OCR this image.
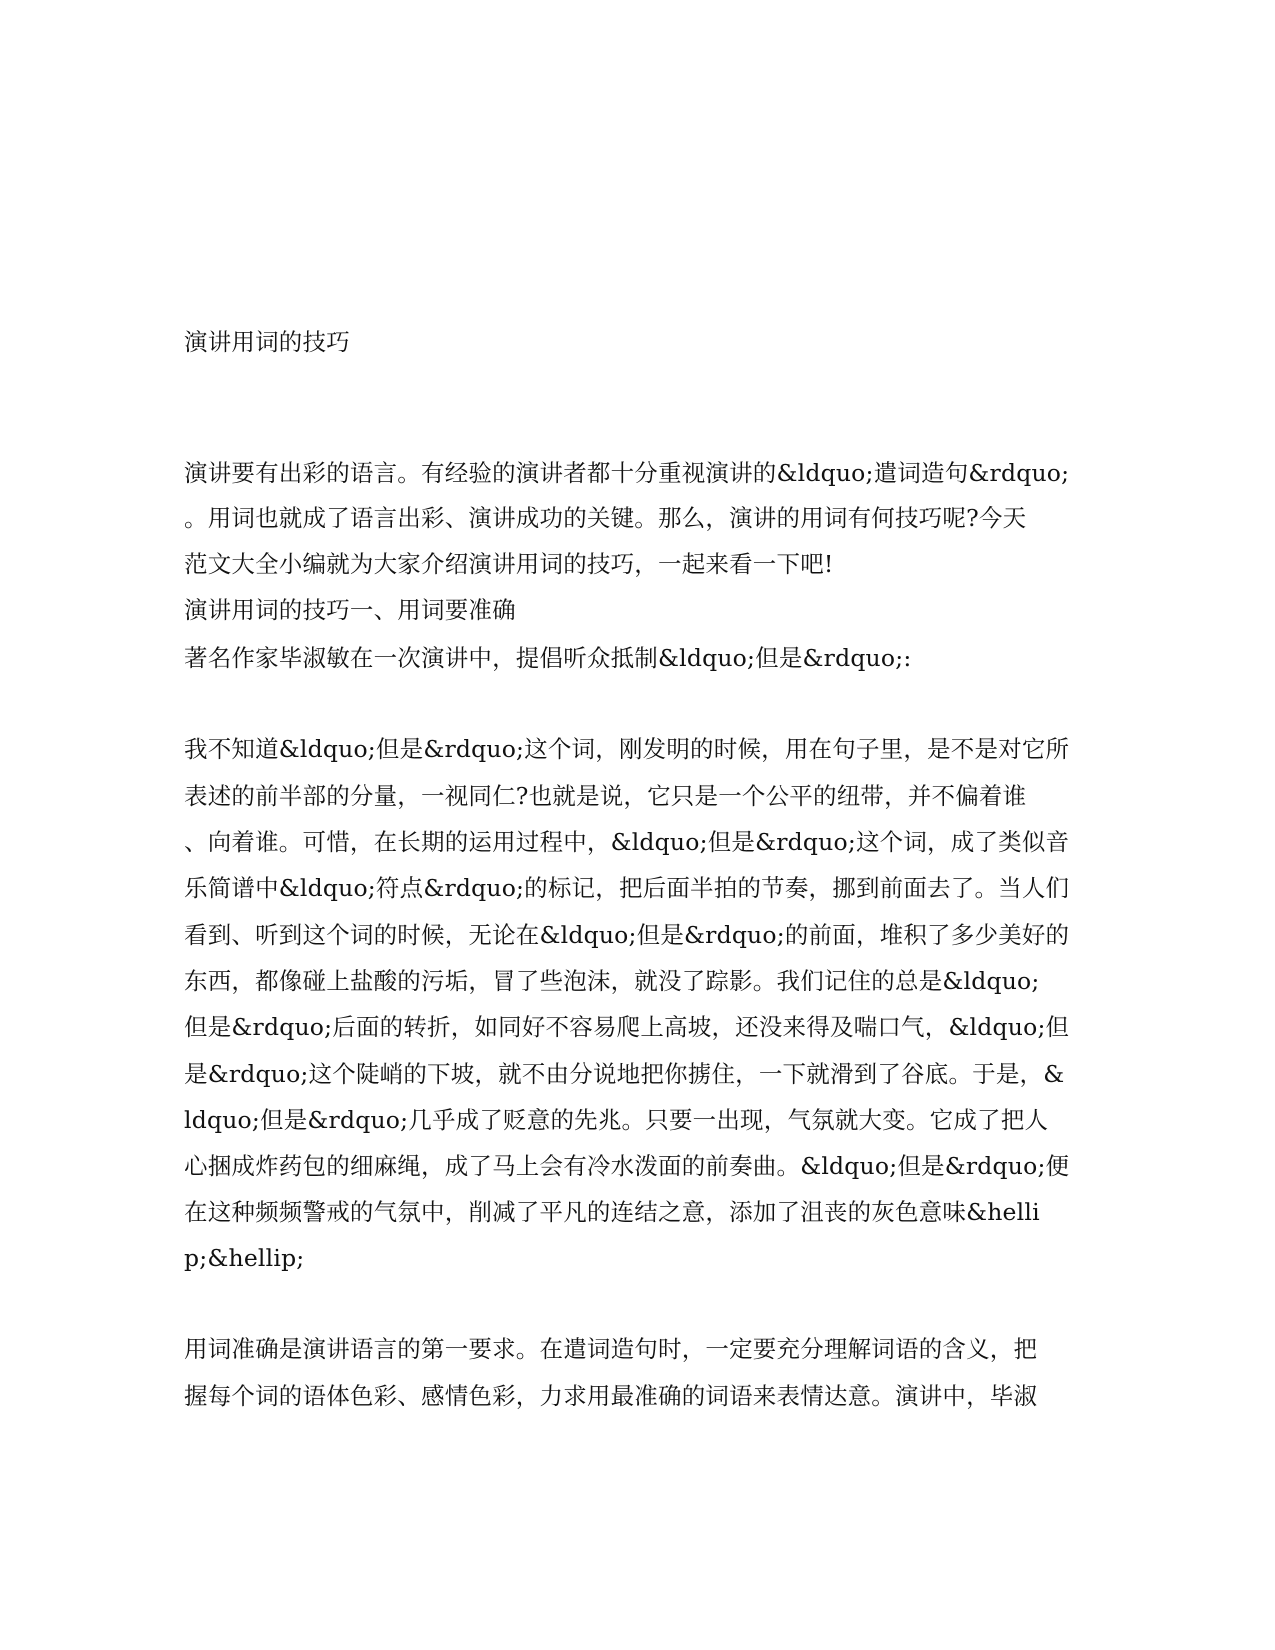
演讲用词的技巧
演讲要有出彩的语言。有经验的演讲者都十分重视演讲的&ldquo;遣词造句&rdquo;
。用词也就成了语言出彩、演讲成功的关键。那么，演讲的用词有何技巧呢?今天
范文大全小编就为大家介绍演讲用词的技巧，一起来看一下吧!
演讲用词的技巧一、用词要准确
著名作家毕淑敏在一次演讲中，提倡听众抵制&ldquo;但是&rdquo;:
我不知道&ldquo;但是&rdquo;这个词，刚发明的时候，用在句子里，是不是对它所
表述的前半部的分量，一视同仁?也就是说，它只是一个公平的纽带，并不偏着谁
、向着谁。可惜，在长期的运用过程中，&ldquo;但是&rdquo;这个词，成了类似音
乐简谱中&ldquo;符点&rdquo;的标记，把后面半拍的节奏，挪到前面去了。当人们
看到、听到这个词的时候，无论在&ldquo;但是&rdquo;的前面，堆积了多少美好的
东西，都像碰上盐酸的污垢，冒了些泡沫，就没了踪影。我们记住的总是&ldquo;
但是&rdquo;后面的转折，如同好不容易爬上高坡，还没来得及喘口气，&ldquo;但
是&rdquo;这个陡峭的下坡，就不由分说地把你掳住，一下就滑到了谷底。于是，&
ldquo;但是&rdquo;几乎成了贬意的先兆。只要一出现，气氛就大变。它成了把人
心捆成炸药包的细麻绳，成了马上会有冷水泼面的前奏曲。&ldquo;但是&rdquo;便
在这种频频警戒的气氛中，削减了平凡的连结之意，添加了沮丧的灰色意味&helli
p;&hellip;
用词准确是演讲语言的第一要求。在遣词造句时，一定要充分理解词语的含义，把
握每个词的语体色彩、感情色彩，力求用最准确的词语来表情达意。演讲中，毕淑
